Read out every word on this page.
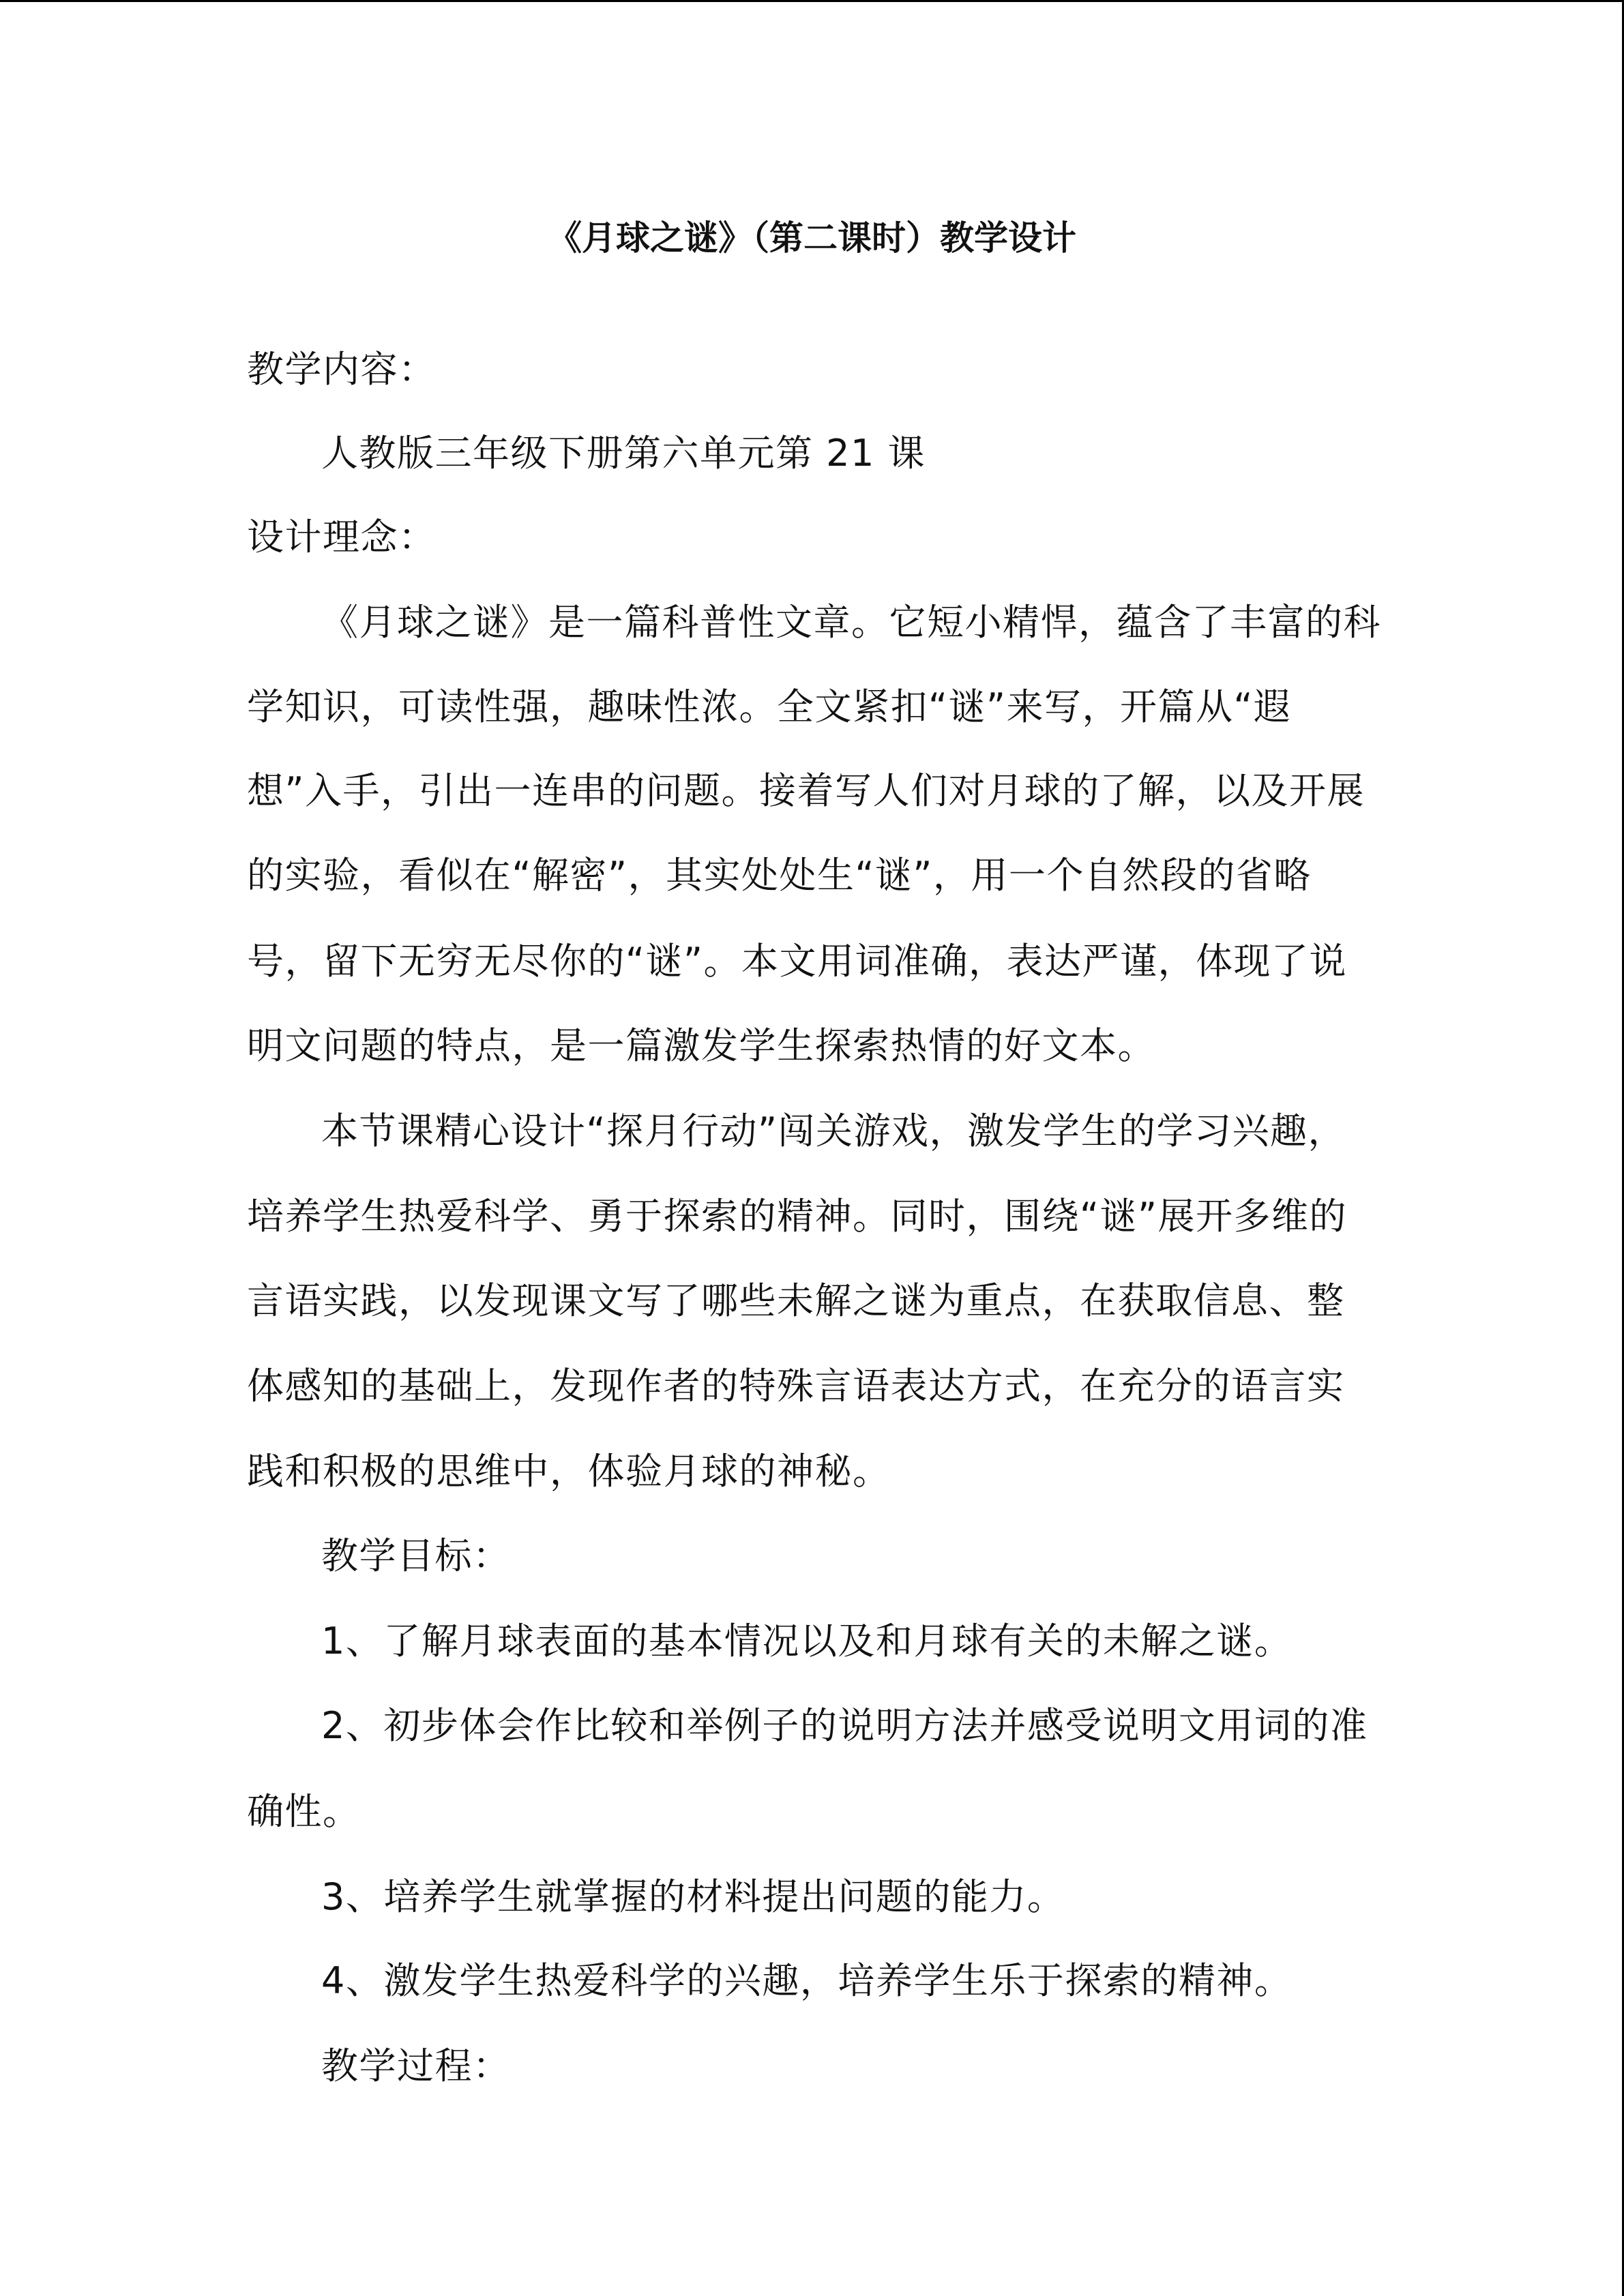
《月球之谜》（第二课时）教学设计
教学内容：
人教版三年级下册第六单元第 21 课
设计理念：
《月球之谜》是一篇科普性文章。它短小精悍，蕴含了丰富的科
学知识，可读性强，趣味性浓。全文紧扣“谜”来写，开篇从“遐
想”入手，引出一连串的问题。接着写人们对月球的了解，以及开展
的实验，看似在“解密”，其实处处生“谜”，用一个自然段的省略
号，留下无穷无尽你的“谜”。本文用词准确，表达严谨，体现了说
明文问题的特点，是一篇激发学生探索热情的好文本。
本节课精心设计“探月行动”闯关游戏，激发学生的学习兴趣，
培养学生热爱科学、勇于探索的精神。同时，围绕“谜”展开多维的
言语实践，以发现课文写了哪些未解之谜为重点，在获取信息、整
体感知的基础上，发现作者的特殊言语表达方式，在充分的语言实
践和积极的思维中，体验月球的神秘。
教学目标：
1、了解月球表面的基本情况以及和月球有关的未解之谜。
2、初步体会作比较和举例子的说明方法并感受说明文用词的准
确性。
3、培养学生就掌握的材料提出问题的能力。
4、激发学生热爱科学的兴趣，培养学生乐于探索的精神。
教学过程：
